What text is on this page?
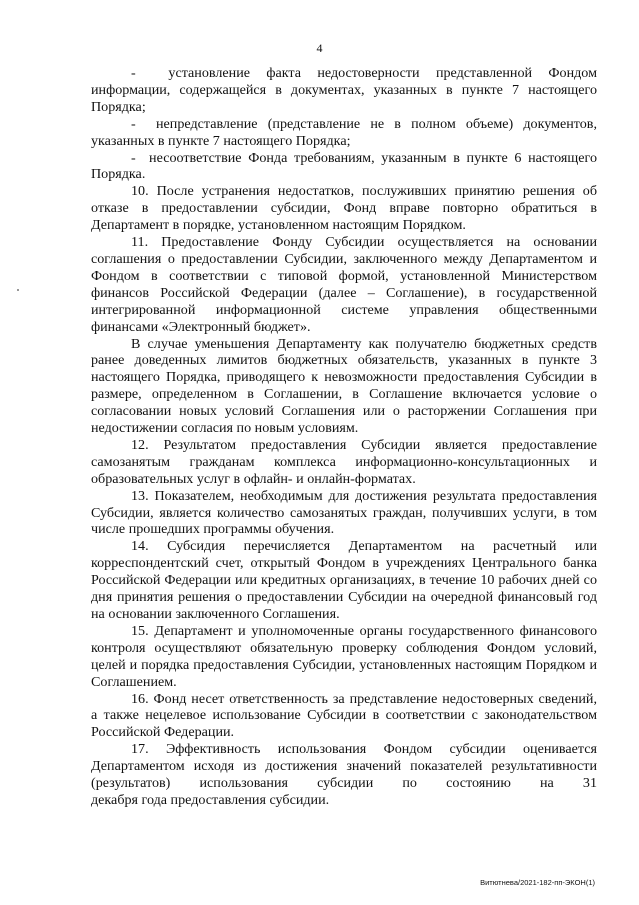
4

-  установление факта недостоверности представленной Фондом информации, содержащейся в документах, указанных в пункте 7 настоящего Порядка;

-  непредставление (представление не в полном объеме) документов, указанных в пункте 7 настоящего Порядка;

-  несоответствие Фонда требованиям, указанным в пункте 6 настоящего Порядка.

10. После устранения недостатков, послуживших принятию решения об отказе в предоставлении субсидии, Фонд вправе повторно обратиться в Департамент в порядке, установленном настоящим Порядком.

11. Предоставление Фонду Субсидии осуществляется на основании соглашения о предоставлении Субсидии, заключенного между Департаментом и Фондом в соответствии с типовой формой, установленной Министерством финансов Российской Федерации (далее – Соглашение), в государственной интегрированной информационной системе управления общественными финансами «Электронный бюджет».

В случае уменьшения Департаменту как получателю бюджетных средств ранее доведенных лимитов бюджетных обязательств, указанных в пункте 3 настоящего Порядка, приводящего к невозможности предоставления Субсидии в размере, определенном в Соглашении, в Соглашение включается условие о согласовании новых условий Соглашения или о расторжении Соглашения при недостижении согласия по новым условиям.

12. Результатом предоставления Субсидии является предоставление самозанятым гражданам комплекса информационно-консультационных и образовательных услуг в офлайн- и онлайн-форматах.

13. Показателем, необходимым для достижения результата предоставления Субсидии, является количество самозанятых граждан, получивших услуги, в том числе прошедших программы обучения.

14. Субсидия перечисляется Департаментом на расчетный или корреспондентский счет, открытый Фондом в учреждениях Центрального банка Российской Федерации или кредитных организациях, в течение 10 рабочих дней со дня принятия решения о предоставлении Субсидии на очередной финансовый год на основании заключенного Соглашения.

15. Департамент и уполномоченные органы государственного финансового контроля осуществляют обязательную проверку соблюдения Фондом условий, целей и порядка предоставления Субсидии, установленных настоящим Порядком и Соглашением.

16. Фонд несет ответственность за представление недостоверных сведений, а также нецелевое использование Субсидии в соответствии с законодательством Российской Федерации.

17. Эффективность использования Фондом субсидии оценивается Департаментом исходя из достижения значений показателей результативности (результатов) использования субсидии по состоянию на 31

декабря года предоставления субсидии.

Витютнева/2021-182-пп-ЭКОН(1)
